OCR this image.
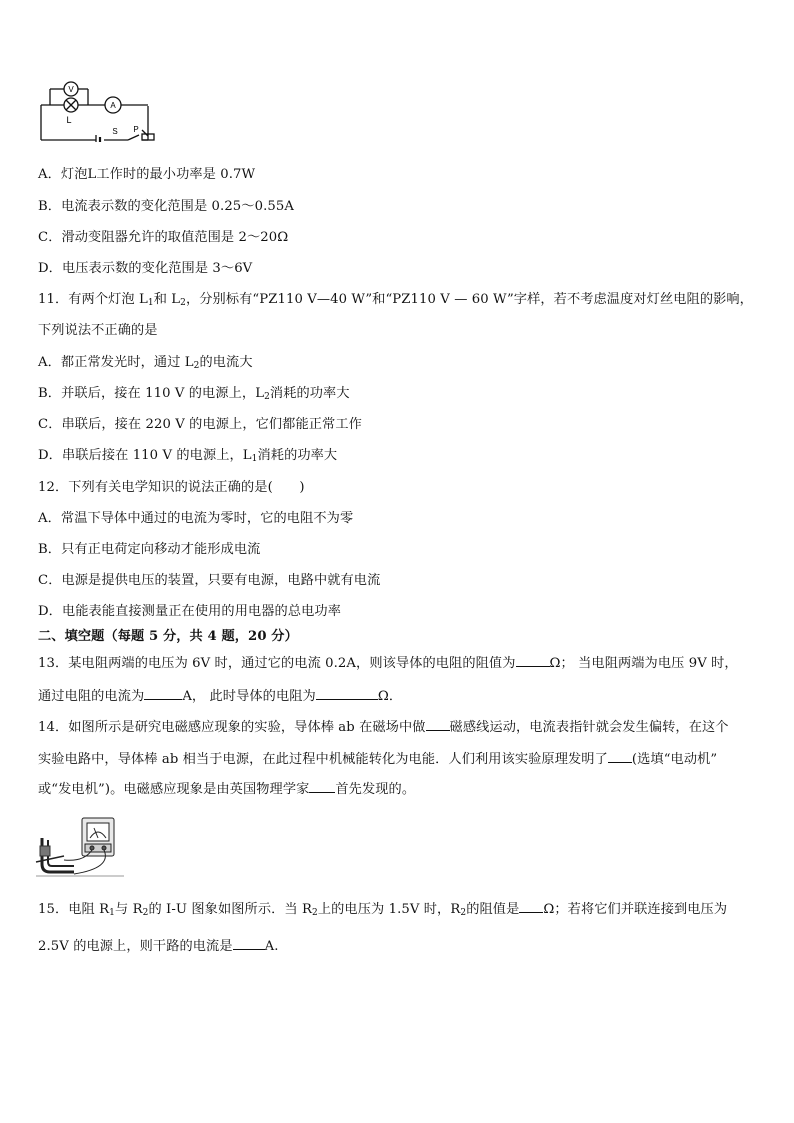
V
A
L
S P
A．灯泡L工作时的最小功率是 0.7W
B．电流表示数的变化范围是 0.25～0.55A
C．滑动变阻器允许的取值范围是 2～20Ω
D．电压表示数的变化范围是 3～6V
11．有两个灯泡 $L_1$和 $L_2$，分别标有“PZ110 V—40 W”和“PZ110 V — 60 W”字样，若不考虑温度对灯丝电阻的影响，
下列说法不正确的是
A．都正常发光时，通过 $L_2$的电流大
B．并联后，接在 110 V 的电源上，$L_2$消耗的功率大
C．串联后，接在 220 V 的电源上，它们都能正常工作
D．串联后接在 110 V 的电源上，$L_1$消耗的功率大
12．下列有关电学知识的说法正确的是(　　)
A．常温下导体中通过的电流为零时，它的电阻不为零
B．只有正电荷定向移动才能形成电流
C．电源是提供电压的装置，只要有电源，电路中就有电流
D．电能表能直接测量正在使用的用电器的总电功率
二、填空题（每题 5 分，共 4 题，20 分）
13．某电阻两端的电压为 6V 时，通过它的电流 0.2A，则该导体的电阻的阻值为	Ω； 当电阻两端为电压 9V 时，
通过电阻的电流为	A， 此时导体的电阻为	Ω．
14．如图所示是研究电磁感应现象的实验，导体棒 ab 在磁场中做 磁感线运动，电流表指针就会发生偏转，在这个
实验电路中，导体棒 ab 相当于电源，在此过程中机械能转化为电能．人们利用该实验原理发明了 (选填“电动机”
或“发电机”)。电磁感应现象是由英国物理学家 首先发现的。
15．电阻 $R_1$与 $R_2$的 I-U 图象如图所示．当 $R_2$上的电压为 1.5V 时，$R_2$的阻值是 Ω；若将它们并联连接到电压为
2.5V 的电源上，则干路的电流是 A.
